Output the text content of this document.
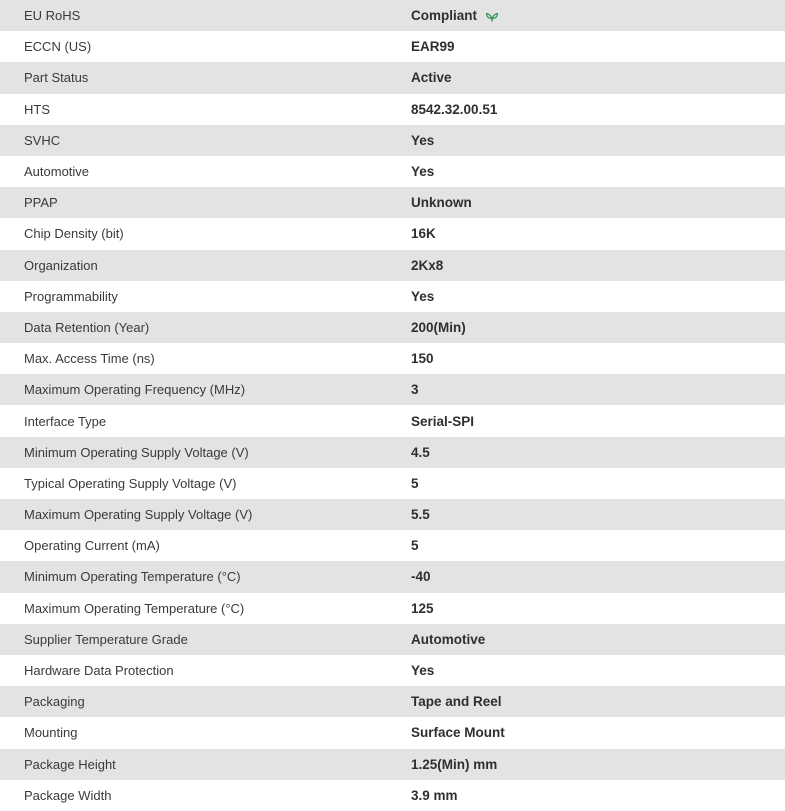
EU RoHS	Compliant
ECCN (US)	EAR99
Part Status	Active
HTS	8542.32.00.51
SVHC	Yes
Automotive	Yes
PPAP	Unknown
Chip Density (bit)	16K
Organization	2Kx8
Programmability	Yes
Data Retention (Year)	200(Min)
Max. Access Time (ns)	150
Maximum Operating Frequency (MHz)	3
Interface Type	Serial-SPI
Minimum Operating Supply Voltage (V)	4.5
Typical Operating Supply Voltage (V)	5
Maximum Operating Supply Voltage (V)	5.5
Operating Current (mA)	5
Minimum Operating Temperature (°C)	-40
Maximum Operating Temperature (°C)	125
Supplier Temperature Grade	Automotive
Hardware Data Protection	Yes
Packaging	Tape and Reel
Mounting	Surface Mount
Package Height	1.25(Min) mm
Package Width	3.9 mm
